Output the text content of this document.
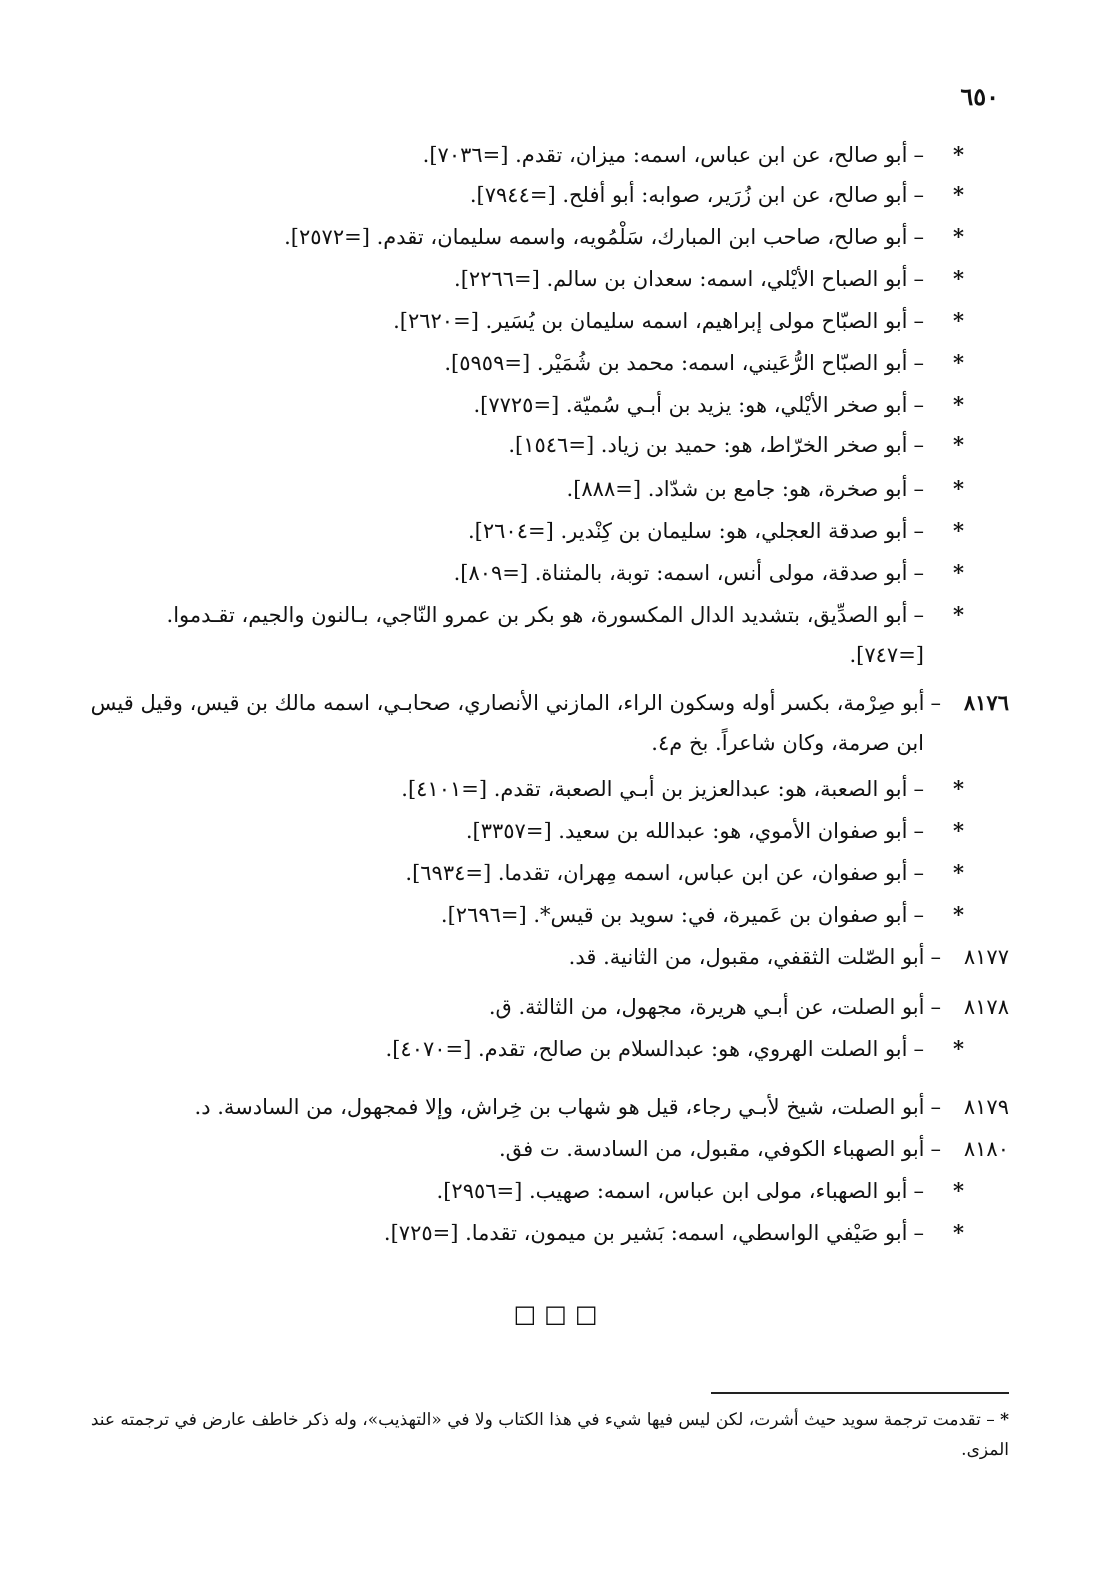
٦٥٠
*–أبو صالح، عن ابن عباس، اسمه: ميزان، تقدم. [=٧٠٣٦].
*–أبو صالح، عن ابن زُرَير، صوابه: أبو أفلح. [=٧٩٤٤].
*–أبو صالح، صاحب ابن المبارك، سَلْمُويه، واسمه سليمان، تقدم. [=٢٥٧٢].
*–أبو الصباح الأيْلي، اسمه: سعدان بن سالم. [=٢٢٦٦].
*–أبو الصبّاح مولى إبراهيم، اسمه سليمان بن يُسَير. [=٢٦٢٠].
*–أبو الصبّاح الرُّعَيني، اسمه: محمد بن شُمَيْر. [=٥٩٥٩].
*–أبو صخر الأيْلي، هو: يزيد بن أبـي سُميّة. [=٧٧٢٥].
*–أبو صخر الخرّاط، هو: حميد بن زياد. [=١٥٤٦].
*–أبو صخرة، هو: جامع بن شدّاد. [=٨٨٨].
*–أبو صدقة العجلي، هو: سليمان بن كِنْدير. [=٢٦٠٤].
*–أبو صدقة، مولى أنس، اسمه: توبة، بالمثناة. [=٨٠٩].
*–أبو الصدِّيق، بتشديد الدال المكسورة، هو بكر بن عمرو النّاجي، بـالنون والجيم، تقـدموا.
[=٧٤٧].
٨١٧٦–أبو صِرْمة، بكسر أوله وسكون الراء، المازني الأنصاري، صحابـي، اسمه مالك بن قيس، وقيل قيس
ابن صرمة، وكان شاعراً. بخ م٤.
*–أبو الصعبة، هو: عبدالعزيز بن أبـي الصعبة، تقدم. [=٤١٠١].
*–أبو صفوان الأموي، هو: عبدالله بن سعيد. [=٣٣٥٧].
*–أبو صفوان، عن ابن عباس، اسمه مِهران، تقدما. [=٦٩٣٤].
*–أبو صفوان بن عَميرة، في: سويد بن قيس*. [=٢٦٩٦].
٨١٧٧–أبو الصّلت الثقفي، مقبول، من الثانية. قد.
٨١٧٨–أبو الصلت، عن أبـي هريرة، مجهول، من الثالثة. ق.
*–أبو الصلت الهروي، هو: عبدالسلام بن صالح، تقدم. [=٤٠٧٠].
٨١٧٩–أبو الصلت، شيخ لأبـي رجاء، قيل هو شهاب بن خِراش، وإلا فمجهول، من السادسة. د.
٨١٨٠–أبو الصهباء الكوفي، مقبول، من السادسة. ت فق.
*–أبو الصهباء، مولى ابن عباس، اسمه: صهيب. [=٢٩٥٦].
*–أبو صَيْفي الواسطي، اسمه: بَشير بن ميمون، تقدما. [=٧٢٥].
□□□
* – تقدمت ترجمة سويد حيث أشرت، لكن ليس فيها شيء في هذا الكتاب ولا في «التهذيب»، وله ذكر خاطف عارض في ترجمته عند المزى.
